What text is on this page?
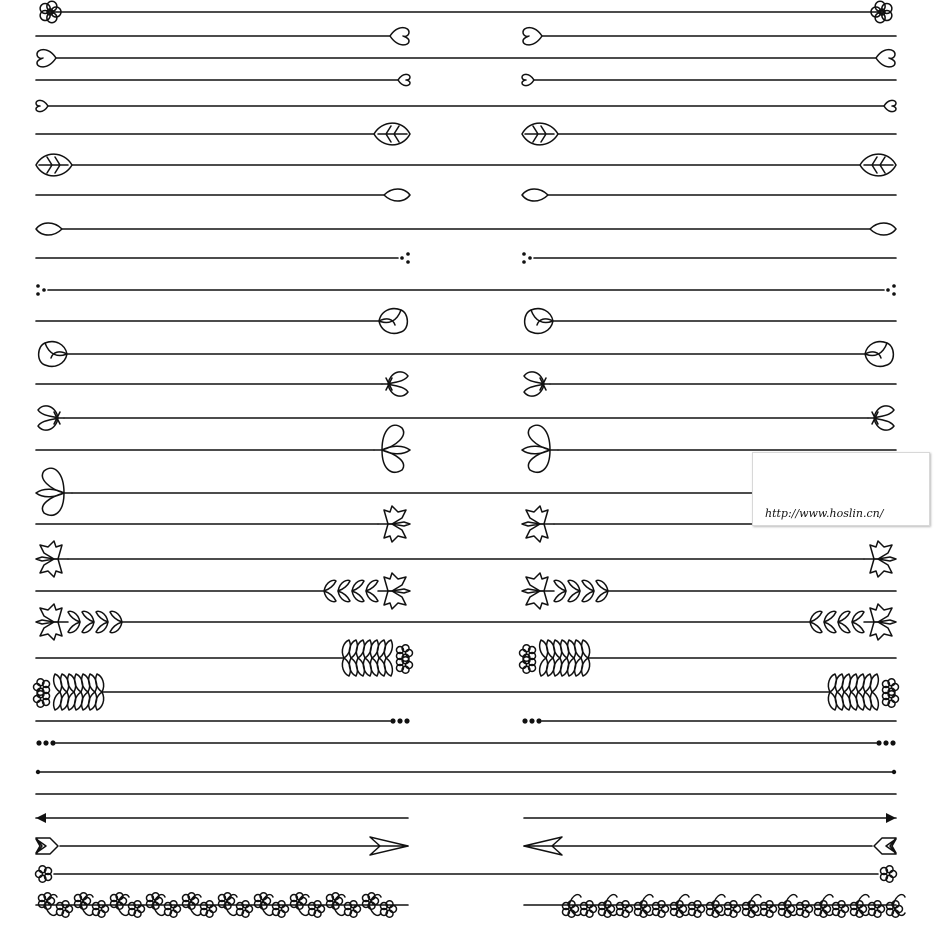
红楼网
http://www.hoslin.cn/
